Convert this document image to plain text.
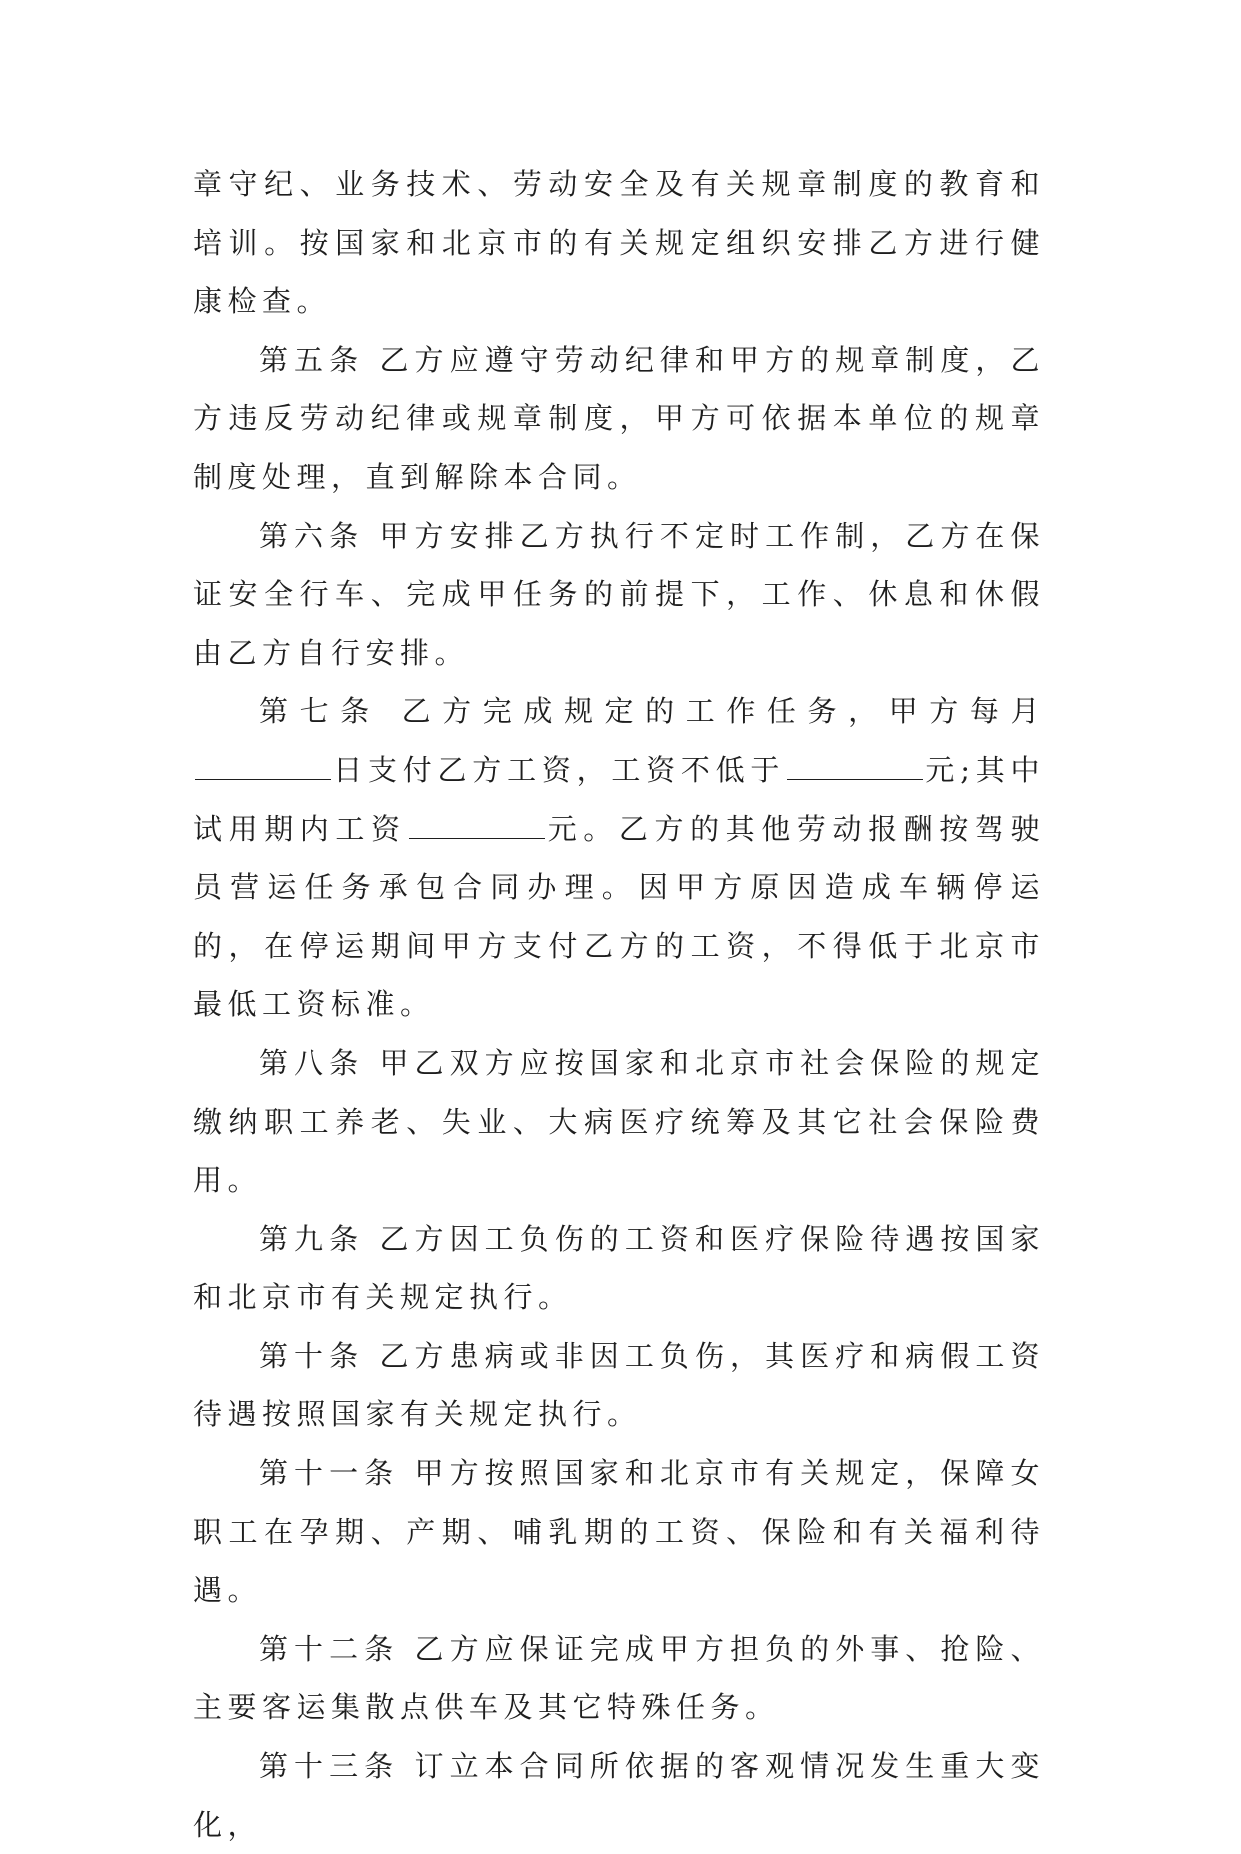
章守纪、业务技术、劳动安全及有关规章制度的教育和培训。按国家和北京市的有关规定组织安排乙方进行健康检查。

第五条 乙方应遵守劳动纪律和甲方的规章制度，乙方违反劳动纪律或规章制度，甲方可依据本单位的规章制度处理，直到解除本合同。

第六条 甲方安排乙方执行不定时工作制，乙方在保证安全行车、完成甲任务的前提下，工作、休息和休假由乙方自行安排。

第七条 乙方完成规定的工作任务，甲方每月日支付乙方工资，工资不低于	元;其中试用期内工资	元。乙方的其他劳动报酬按驾驶员营运任务承包合同办理。因甲方原因造成车辆停运的，在停运期间甲方支付乙方的工资，不得低于北京市最低工资标准。

第八条 甲乙双方应按国家和北京市社会保险的规定缴纳职工养老、失业、大病医疗统筹及其它社会保险费用。

第九条 乙方因工负伤的工资和医疗保险待遇按国家和北京市有关规定执行。

第十条 乙方患病或非因工负伤，其医疗和病假工资待遇按照国家有关规定执行。

第十一条 甲方按照国家和北京市有关规定，保障女职工在孕期、产期、哺乳期的工资、保险和有关福利待遇。

第十二条 乙方应保证完成甲方担负的外事、抢险、主要客运集散点供车及其它特殊任务。

第十三条 订立本合同所依据的客观情况发生重大变化，
